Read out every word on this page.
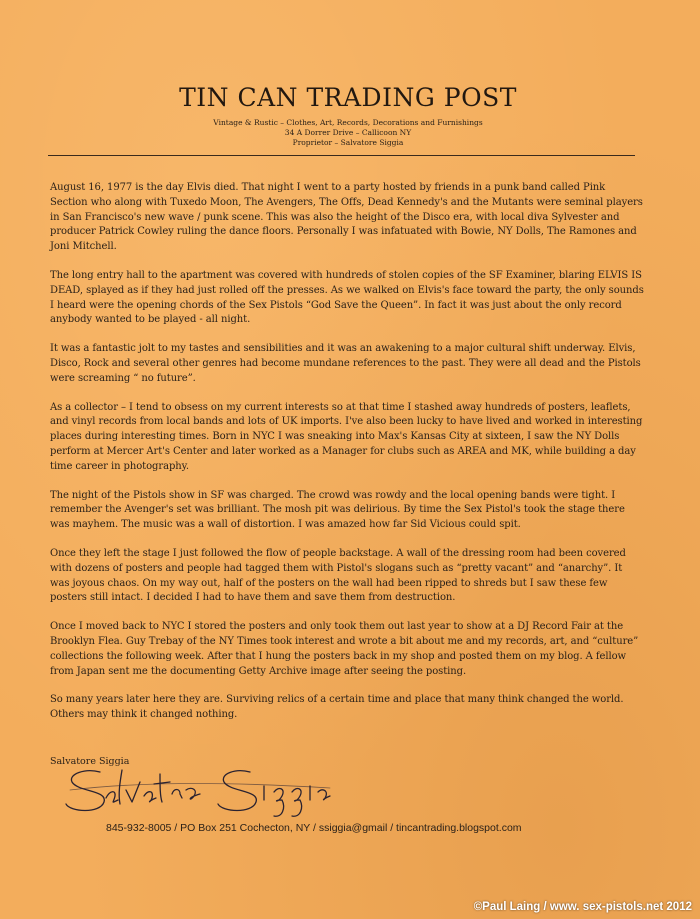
TIN CAN TRADING POST
Vintage & Rustic – Clothes, Art, Records, Decorations and Furnishings
34 A Dorrer Drive – Callicoon NY
Proprietor – Salvatore Siggia

August 16, 1977 is the day Elvis died. That night I went to a party hosted by friends in a punk band called Pink Section who along with Tuxedo Moon, The Avengers, The Offs, Dead Kennedy's and the Mutants were seminal players in San Francisco's new wave / punk scene. This was also the height of the Disco era, with local diva Sylvester and producer Patrick Cowley ruling the dance floors. Personally I was infatuated with Bowie, NY Dolls, The Ramones and Joni Mitchell.

The long entry hall to the apartment was covered with hundreds of stolen copies of the SF Examiner, blaring ELVIS IS DEAD, splayed as if they had just rolled off the presses. As we walked on Elvis's face toward the party, the only sounds I heard were the opening chords of the Sex Pistols “God Save the Queen”. In fact it was just about the only record anybody wanted to be played - all night.

It was a fantastic jolt to my tastes and sensibilities and it was an awakening to a major cultural shift underway. Elvis, Disco, Rock and several other genres had become mundane references to the past. They were all dead and the Pistols were screaming “ no future”.

As a collector – I tend to obsess on my current interests so at that time I stashed away hundreds of posters, leaflets, and vinyl records from local bands and lots of UK imports. I've also been lucky to have lived and worked in interesting places during interesting times. Born in NYC I was sneaking into Max's Kansas City at sixteen, I saw the NY Dolls perform at Mercer Art's Center and later worked as a Manager for clubs such as AREA and MK, while building a day time career in photography.

The night of the Pistols show in SF was charged. The crowd was rowdy and the local opening bands were tight. I remember the Avenger's set was brilliant. The mosh pit was delirious. By time the Sex Pistol's took the stage there was mayhem. The music was a wall of distortion. I was amazed how far Sid Vicious could spit.

Once they left the stage I just followed the flow of people backstage. A wall of the dressing room had been covered with dozens of posters and people had tagged them with Pistol's slogans such as “pretty vacant” and “anarchy”. It was joyous chaos. On my way out, half of the posters on the wall had been ripped to shreds but I saw these few posters still intact. I decided I had to have them and save them from destruction.

Once I moved back to NYC I stored the posters and only took them out last year to show at a DJ Record Fair at the Brooklyn Flea. Guy Trebay of the NY Times took interest and wrote a bit about me and my records, art, and “culture” collections the following week. After that I hung the posters back in my shop and posted them on my blog. A fellow from Japan sent me the documenting Getty Archive image after seeing the posting.

So many years later here they are. Surviving relics of a certain time and place that many think changed the world. Others may think it changed nothing.

Salvatore Siggia
845-932-8005 / PO Box 251 Cochecton, NY / ssiggia@gmail / tincantrading.blogspot.com
©Paul Laing / www. sex-pistols.net 2012
